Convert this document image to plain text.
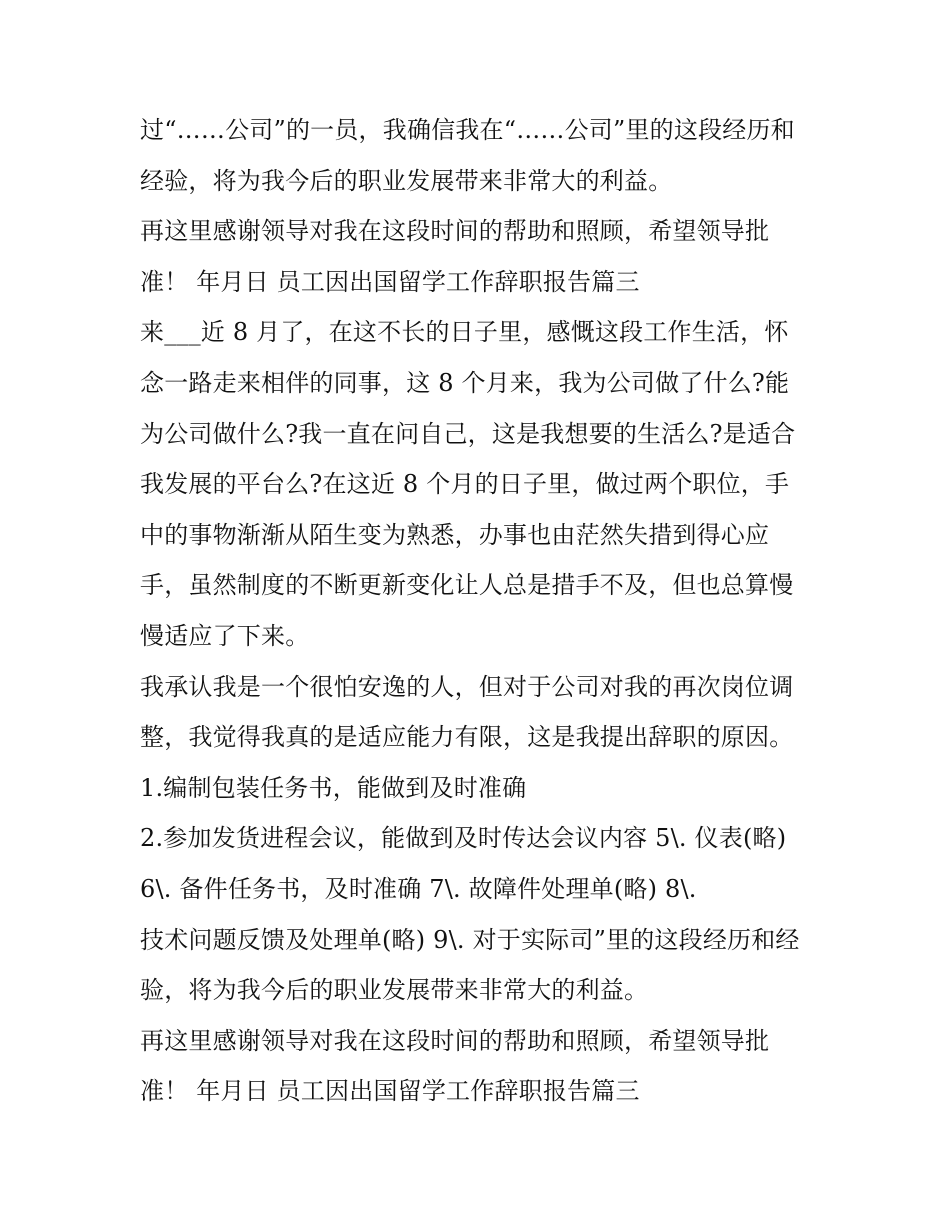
过“……公司”的一员，我确信我在“……公司”里的这段经历和
经验，将为我今后的职业发展带来非常大的利益。
再这里感谢领导对我在这段时间的帮助和照顾，希望领导批
准！ 年月日 员工因出国留学工作辞职报告篇三
来___近 8 月了，在这不长的日子里，感慨这段工作生活，怀
念一路走来相伴的同事，这 8 个月来，我为公司做了什么?能
为公司做什么?我一直在问自己，这是我想要的生活么?是适合
我发展的平台么?在这近 8 个月的日子里，做过两个职位，手
中的事物渐渐从陌生变为熟悉，办事也由茫然失措到得心应
手，虽然制度的不断更新变化让人总是措手不及，但也总算慢
慢适应了下来。
我承认我是一个很怕安逸的人，但对于公司对我的再次岗位调
整，我觉得我真的是适应能力有限，这是我提出辞职的原因。
1.编制包装任务书，能做到及时准确
2.参加发货进程会议，能做到及时传达会议内容 5\. 仪表(略)
6\. 备件任务书，及时准确 7\. 故障件处理单(略) 8\.
技术问题反馈及处理单(略) 9\. 对于实际司”里的这段经历和经
验，将为我今后的职业发展带来非常大的利益。
再这里感谢领导对我在这段时间的帮助和照顾，希望领导批
准！ 年月日 员工因出国留学工作辞职报告篇三
